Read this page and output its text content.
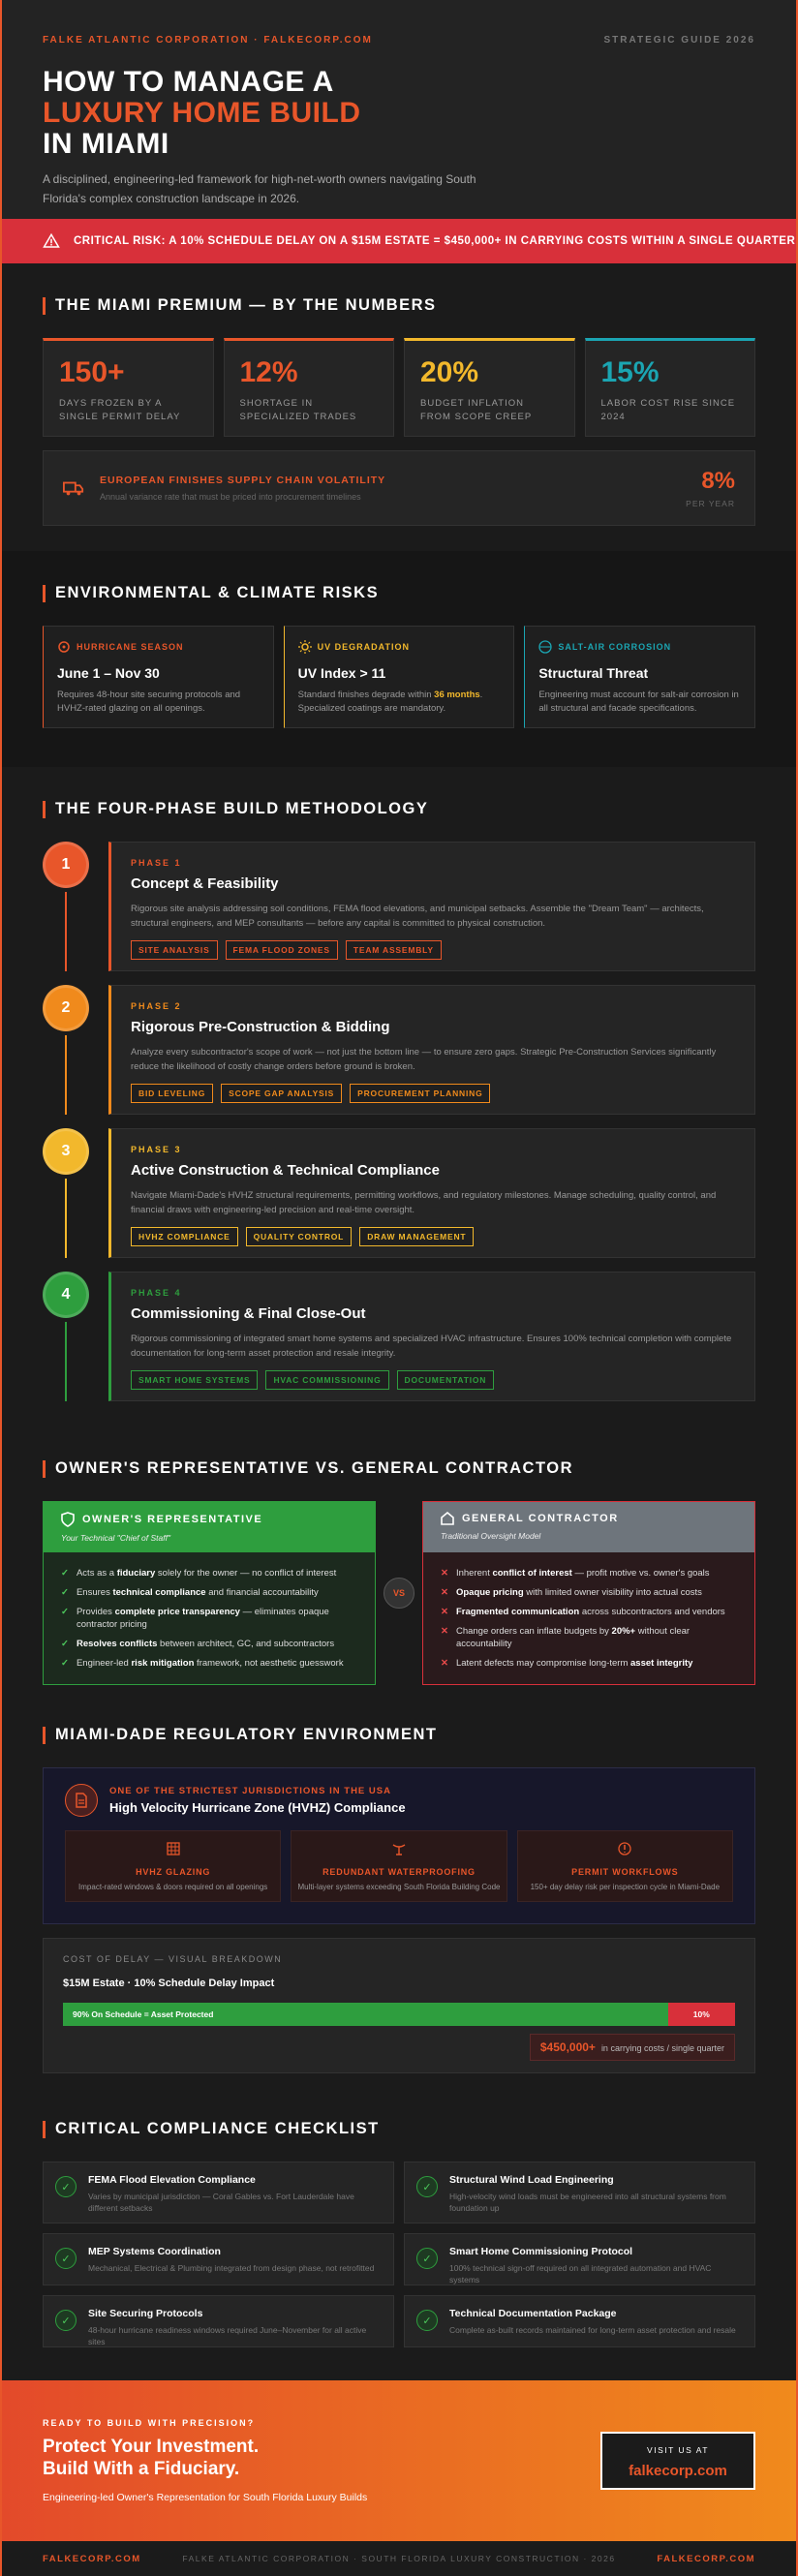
FALKE ATLANTIC CORPORATION · FALKECORP.COM	STRATEGIC GUIDE 2026
HOW TO MANAGE A
LUXURY HOME BUILD
IN MIAMI

A disciplined, engineering-led framework for high-net-worth owners navigating South Florida's complex construction landscape in 2026.

CRITICAL RISK: A 10% SCHEDULE DELAY ON A $15M ESTATE = $450,000+ IN CARRYING COSTS WITHIN A SINGLE QUARTER
THE MIAMI PREMIUM — BY THE NUMBERS
150+
DAYS FROZEN BY A SINGLE PERMIT DELAY
12%
SHORTAGE IN SPECIALIZED TRADES
20%
BUDGET INFLATION FROM SCOPE CREEP
15%
LABOR COST RISE SINCE 2024
EUROPEAN FINISHES SUPPLY CHAIN VOLATILITY
Annual variance rate that must be priced into procurement timelines
8%
PER YEAR
ENVIRONMENTAL & CLIMATE RISKS
HURRICANE SEASON
June 1 – Nov 30
Requires 48-hour site securing protocols and HVHZ-rated glazing on all openings.
UV DEGRADATION
UV Index > 11
Standard finishes degrade within 36 months. Specialized coatings are mandatory.
SALT-AIR CORROSION
Structural Threat
Engineering must account for salt-air corrosion in all structural and facade specifications.
THE FOUR-PHASE BUILD METHODOLOGY
1	PHASE 1
Concept & Feasibility
Rigorous site analysis addressing soil conditions, FEMA flood elevations, and municipal setbacks. Assemble the "Dream Team" — architects, structural engineers, and MEP consultants — before any capital is committed to physical construction.
SITE ANALYSIS	FEMA FLOOD ZONES	TEAM ASSEMBLY
2	PHASE 2
Rigorous Pre-Construction & Bidding
Analyze every subcontractor's scope of work — not just the bottom line — to ensure zero gaps. Strategic Pre-Construction Services significantly reduce the likelihood of costly change orders before ground is broken.
BID LEVELING	SCOPE GAP ANALYSIS	PROCUREMENT PLANNING
3	PHASE 3
Active Construction & Technical Compliance
Navigate Miami-Dade's HVHZ structural requirements, permitting workflows, and regulatory milestones. Manage scheduling, quality control, and financial draws with engineering-led precision and real-time oversight.
HVHZ COMPLIANCE	QUALITY CONTROL	DRAW MANAGEMENT
4	PHASE 4
Commissioning & Final Close-Out
Rigorous commissioning of integrated smart home systems and specialized HVAC infrastructure. Ensures 100% technical completion with complete documentation for long-term asset protection and resale integrity.
SMART HOME SYSTEMS	HVAC COMMISSIONING	DOCUMENTATION
OWNER'S REPRESENTATIVE VS. GENERAL CONTRACTOR
OWNER'S REPRESENTATIVE
Your Technical "Chief of Staff"
✓ Acts as a fiduciary solely for the owner — no conflict of interest
✓ Ensures technical compliance and financial accountability
✓ Provides complete price transparency — eliminates opaque contractor pricing
✓ Resolves conflicts between architect, GC, and subcontractors
✓ Engineer-led risk mitigation framework, not aesthetic guesswork
VS
GENERAL CONTRACTOR
Traditional Oversight Model
✕ Inherent conflict of interest — profit motive vs. owner's goals
✕ Opaque pricing with limited owner visibility into actual costs
✕ Fragmented communication across subcontractors and vendors
✕ Change orders can inflate budgets by 20%+ without clear accountability
✕ Latent defects may compromise long-term asset integrity
MIAMI-DADE REGULATORY ENVIRONMENT
ONE OF THE STRICTEST JURISDICTIONS IN THE USA
High Velocity Hurricane Zone (HVHZ) Compliance
HVHZ GLAZING
Impact-rated windows & doors required on all openings
REDUNDANT WATERPROOFING
Multi-layer systems exceeding South Florida Building Code
PERMIT WORKFLOWS
150+ day delay risk per inspection cycle in Miami-Dade
COST OF DELAY — VISUAL BREAKDOWN
$15M Estate · 10% Schedule Delay Impact
90% On Schedule = Asset Protected	10%
$450,000+ in carrying costs / single quarter
CRITICAL COMPLIANCE CHECKLIST
✓
FEMA Flood Elevation Compliance
Varies by municipal jurisdiction — Coral Gables vs. Fort Lauderdale have different setbacks
✓
Structural Wind Load Engineering
High-velocity wind loads must be engineered into all structural systems from foundation up
✓
MEP Systems Coordination
Mechanical, Electrical & Plumbing integrated from design phase, not retrofitted
✓
Smart Home Commissioning Protocol
100% technical sign-off required on all integrated automation and HVAC systems
✓
Site Securing Protocols
48-hour hurricane readiness windows required June–November for all active sites
✓
Technical Documentation Package
Complete as-built records maintained for long-term asset protection and resale
READY TO BUILD WITH PRECISION?
Protect Your Investment.
Build With a Fiduciary.
Engineering-led Owner's Representation for South Florida Luxury Builds
VISIT US AT
falkecorp.com
FALKECORP.COM	FALKE ATLANTIC CORPORATION · SOUTH FLORIDA LUXURY CONSTRUCTION · 2026	FALKECORP.COM
